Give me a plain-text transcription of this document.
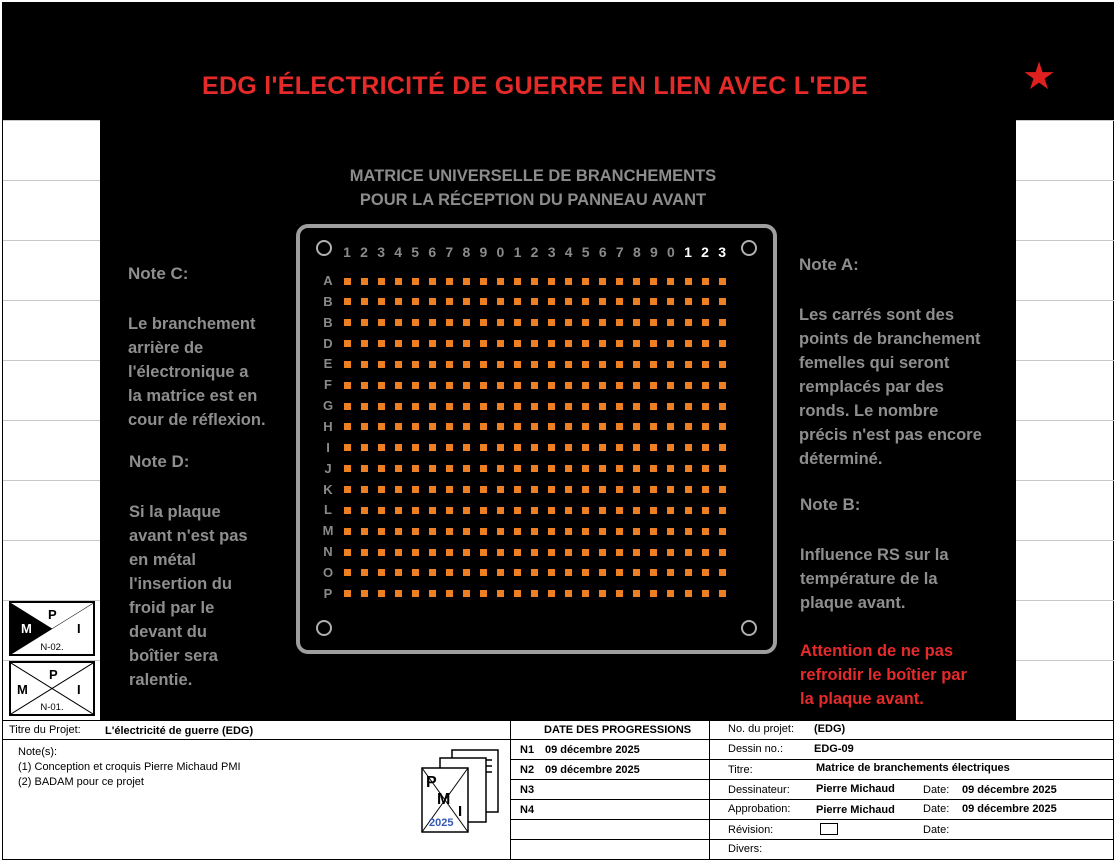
EDG l'ÉLECTRICITÉ DE GUERRE EN LIEN AVEC L'EDE	★
MATRICE UNIVERSELLE DE BRANCHEMENTS
POUR LA RÉCEPTION DU PANNEAU AVANT

Note C:

Le branchement
arrière de
l'électronique a
la matrice est en
cour de réflexion.

Note D:

Si la plaque
avant n'est pas
en métal
l'insertion du
froid par le
devant du
boîtier sera
ralentie.

Note A:

Les carrés sont des
points de branchement
femelles qui seront
remplacés par des
ronds. Le nombre
précis n'est pas encore
déterminé.

Note B:

Influence RS sur la
température de la
plaque avant.

Attention de ne pas
refroidir le boîtier par
la plaque avant.

1 2 3 4 5 6 7 8 9 0 1 2 3 4 5 6 7 8 9 0 1 2 3
A
B
B
D
E
F
G
H
I
J
K
L
M
N
O
P
M
P
I
N-02.
M
P
I
N-01.
Titre du Projet: L'électricité de guerre (EDG)
Note(s):
(1) Conception et croquis Pierre Michaud PMI
(2) BADAM pour ce projet	P
M
I
2025
DATE DES PROGRESSIONS
N1 09 décembre 2025
N2 09 décembre 2025
N3
N4
No. du projet: (EDG)
Dessin no.:	EDG-09
Titre:	Matrice de branchements électriques
Dessinateur: Pierre Michaud	Date: 09 décembre 2025
Approbation: Pierre Michaud	Date: 09 décembre 2025
Révision:	Date:
Divers:
